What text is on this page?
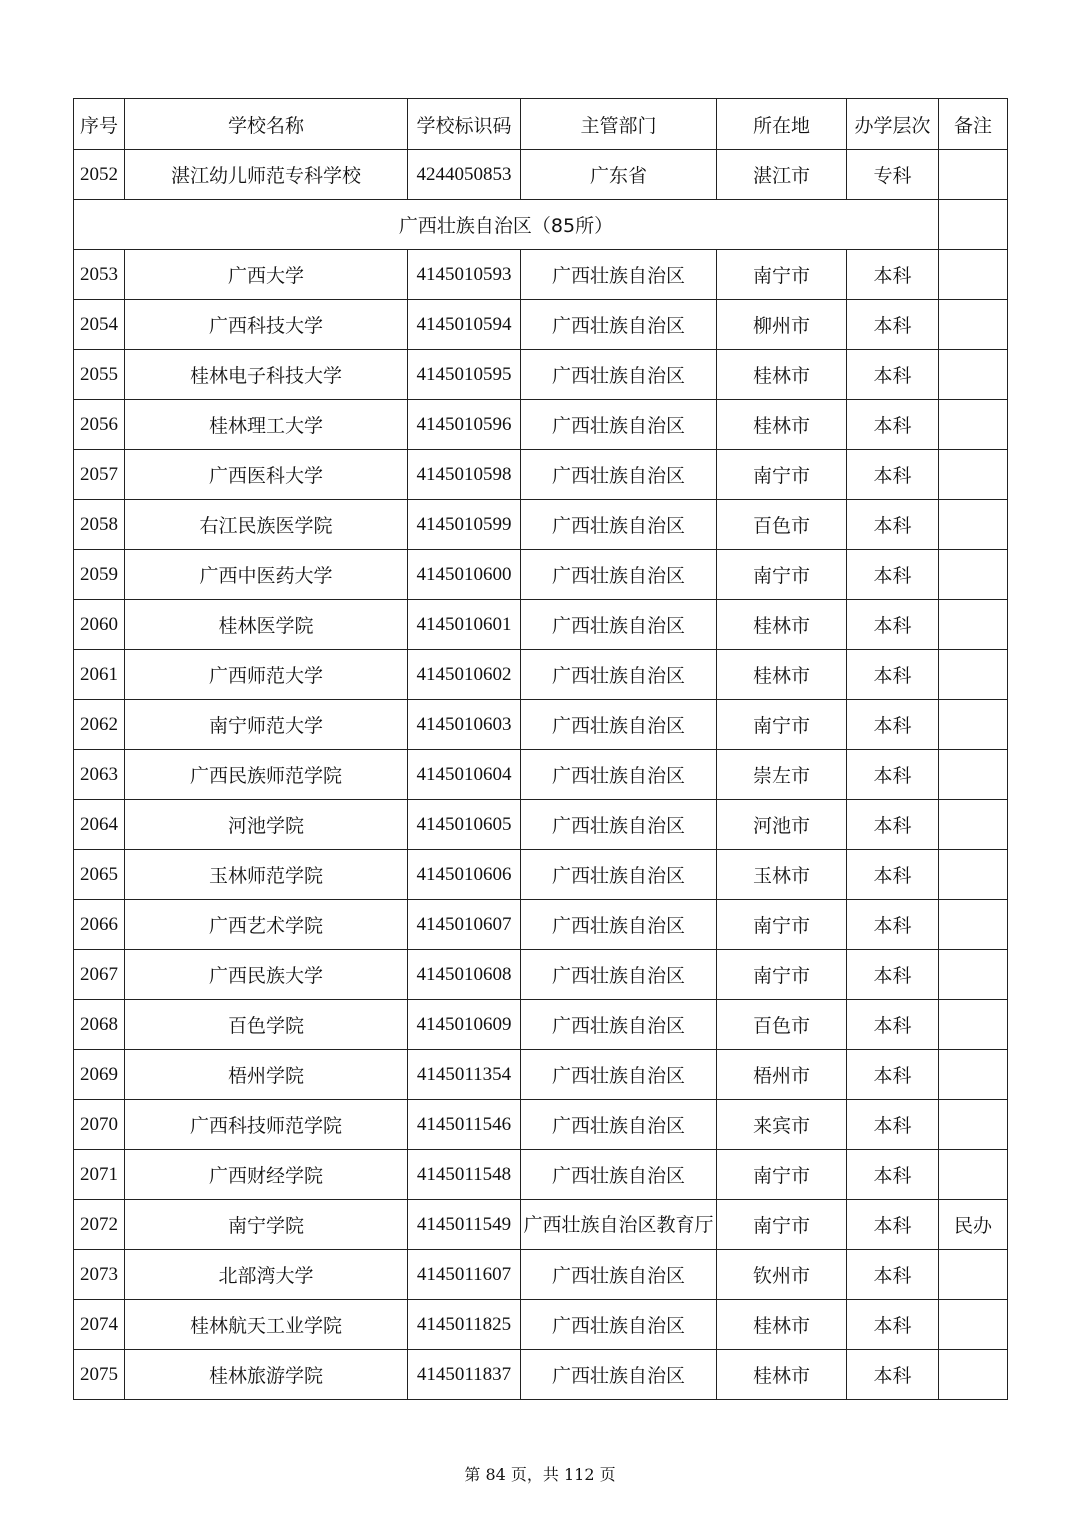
序号	学校名称	学校标识码	主管部门	所在地	办学层次	备注
2052	湛江幼儿师范专科学校	4244050853	广东省	湛江市	专科	
广西壮族自治区（85所）						
2053	广西大学	4145010593	广西壮族自治区	南宁市	本科	
2054	广西科技大学	4145010594	广西壮族自治区	柳州市	本科	
2055	桂林电子科技大学	4145010595	广西壮族自治区	桂林市	本科	
2056	桂林理工大学	4145010596	广西壮族自治区	桂林市	本科	
2057	广西医科大学	4145010598	广西壮族自治区	南宁市	本科	
2058	右江民族医学院	4145010599	广西壮族自治区	百色市	本科	
2059	广西中医药大学	4145010600	广西壮族自治区	南宁市	本科	
2060	桂林医学院	4145010601	广西壮族自治区	桂林市	本科	
2061	广西师范大学	4145010602	广西壮族自治区	桂林市	本科	
2062	南宁师范大学	4145010603	广西壮族自治区	南宁市	本科	
2063	广西民族师范学院	4145010604	广西壮族自治区	崇左市	本科	
2064	河池学院	4145010605	广西壮族自治区	河池市	本科	
2065	玉林师范学院	4145010606	广西壮族自治区	玉林市	本科	
2066	广西艺术学院	4145010607	广西壮族自治区	南宁市	本科	
2067	广西民族大学	4145010608	广西壮族自治区	南宁市	本科	
2068	百色学院	4145010609	广西壮族自治区	百色市	本科	
2069	梧州学院	4145011354	广西壮族自治区	梧州市	本科	
2070	广西科技师范学院	4145011546	广西壮族自治区	来宾市	本科	
2071	广西财经学院	4145011548	广西壮族自治区	南宁市	本科	
2072	南宁学院	4145011549	广西壮族自治区教育厅	南宁市	本科	民办
2073	北部湾大学	4145011607	广西壮族自治区	钦州市	本科	
2074	桂林航天工业学院	4145011825	广西壮族自治区	桂林市	本科	
2075	桂林旅游学院	4145011837	广西壮族自治区	桂林市	本科	
第 84 页，共 112 页
